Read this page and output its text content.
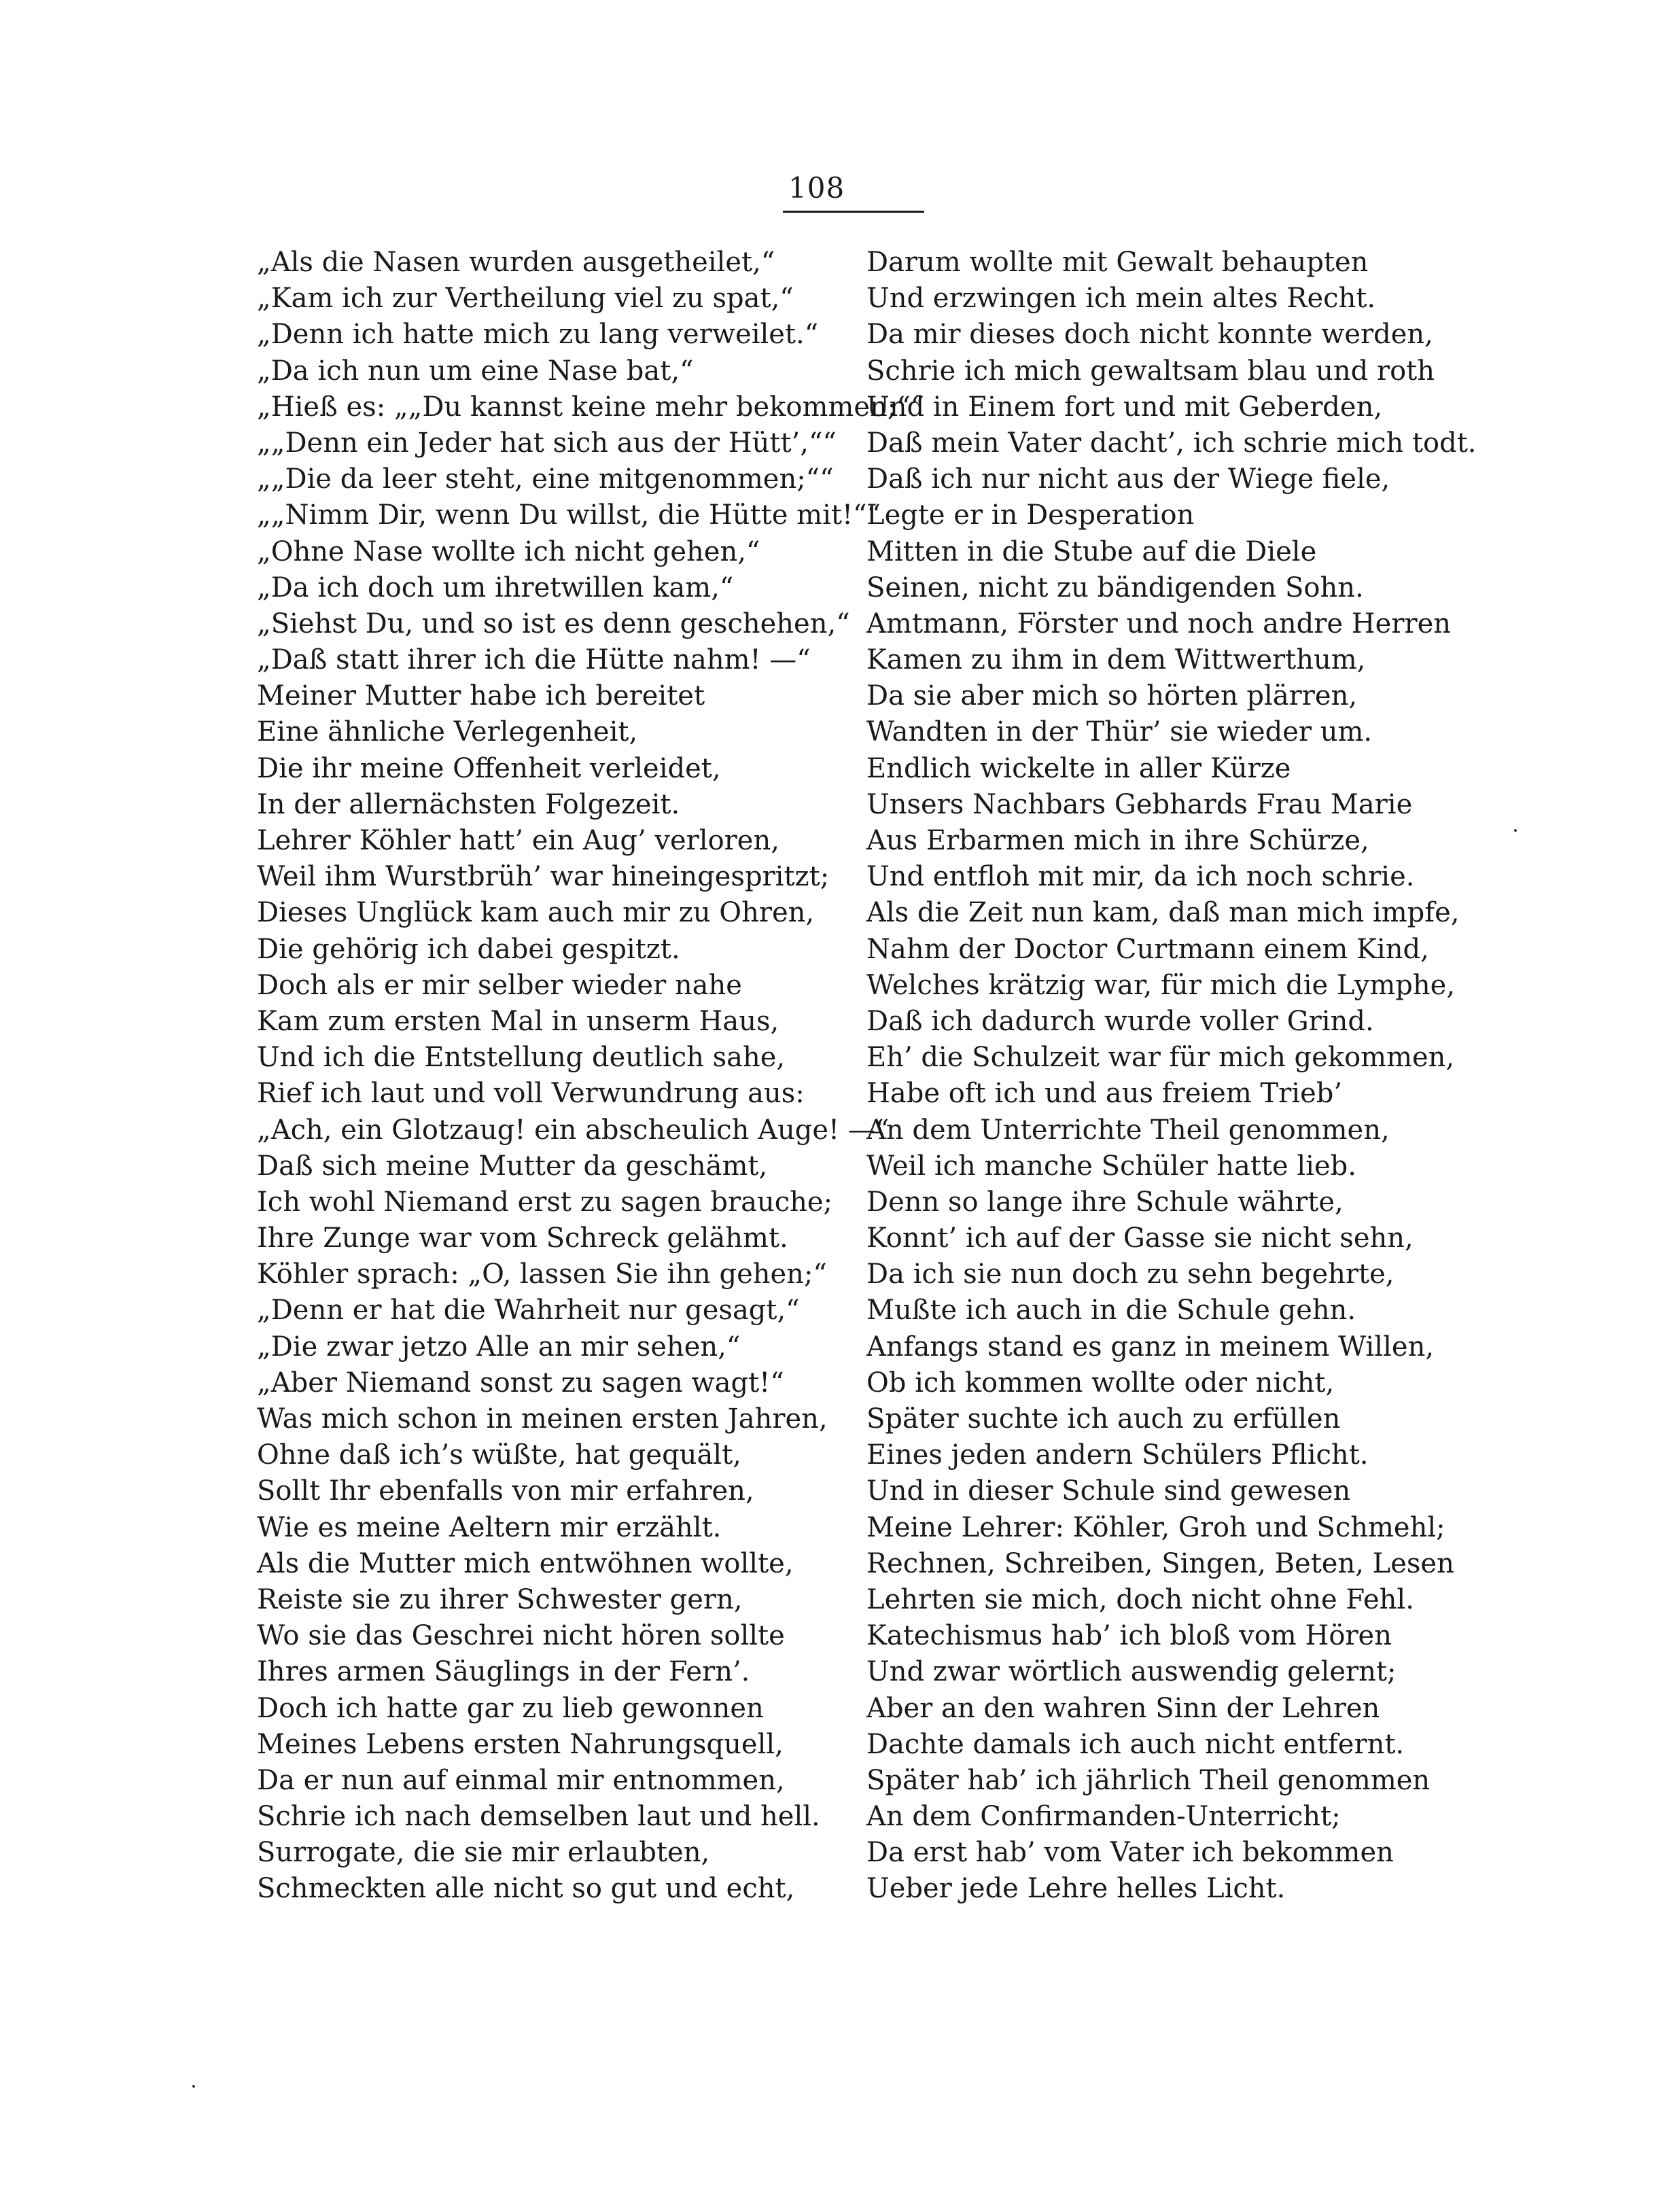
108
„Als die Nasen wurden ausgetheilet,“
„Kam ich zur Vertheilung viel zu spat,“
„Denn ich hatte mich zu lang verweilet.“
„Da ich nun um eine Nase bat,“
„Hieß es: „„Du kannst keine mehr bekommen;““
„„Denn ein Jeder hat sich aus der Hütt’,““
„„Die da leer steht, eine mitgenommen;““
„„Nimm Dir, wenn Du willst, die Hütte mit!““
„Ohne Nase wollte ich nicht gehen,“
„Da ich doch um ihretwillen kam,“
„Siehst Du, und so ist es denn geschehen,“
„Daß statt ihrer ich die Hütte nahm! —“
Meiner Mutter habe ich bereitet
Eine ähnliche Verlegenheit,
Die ihr meine Offenheit verleidet,
In der allernächsten Folgezeit.
Lehrer Köhler hatt’ ein Aug’ verloren,
Weil ihm Wurstbrüh’ war hineingespritzt;
Dieses Unglück kam auch mir zu Ohren,
Die gehörig ich dabei gespitzt.
Doch als er mir selber wieder nahe
Kam zum ersten Mal in unserm Haus,
Und ich die Entstellung deutlich sahe,
Rief ich laut und voll Verwundrung aus:
„Ach, ein Glotzaug! ein abscheulich Auge! —“
Daß sich meine Mutter da geschämt,
Ich wohl Niemand erst zu sagen brauche;
Ihre Zunge war vom Schreck gelähmt.
Köhler sprach: „O, lassen Sie ihn gehen;“
„Denn er hat die Wahrheit nur gesagt,“
„Die zwar jetzo Alle an mir sehen,“
„Aber Niemand sonst zu sagen wagt!“
Was mich schon in meinen ersten Jahren,
Ohne daß ich’s wüßte, hat gequält,
Sollt Ihr ebenfalls von mir erfahren,
Wie es meine Aeltern mir erzählt.
Als die Mutter mich entwöhnen wollte,
Reiste sie zu ihrer Schwester gern,
Wo sie das Geschrei nicht hören sollte
Ihres armen Säuglings in der Fern’.
Doch ich hatte gar zu lieb gewonnen
Meines Lebens ersten Nahrungsquell,
Da er nun auf einmal mir entnommen,
Schrie ich nach demselben laut und hell.
Surrogate, die sie mir erlaubten,
Schmeckten alle nicht so gut und echt,
Darum wollte mit Gewalt behaupten
Und erzwingen ich mein altes Recht.
Da mir dieses doch nicht konnte werden,
Schrie ich mich gewaltsam blau und roth
Und in Einem fort und mit Geberden,
Daß mein Vater dacht’, ich schrie mich todt.
Daß ich nur nicht aus der Wiege fiele,
Legte er in Desperation
Mitten in die Stube auf die Diele
Seinen, nicht zu bändigenden Sohn.
Amtmann, Förster und noch andre Herren
Kamen zu ihm in dem Wittwerthum,
Da sie aber mich so hörten plärren,
Wandten in der Thür’ sie wieder um.
Endlich wickelte in aller Kürze
Unsers Nachbars Gebhards Frau Marie
Aus Erbarmen mich in ihre Schürze,
Und entfloh mit mir, da ich noch schrie.
Als die Zeit nun kam, daß man mich impfe,
Nahm der Doctor Curtmann einem Kind,
Welches krätzig war, für mich die Lymphe,
Daß ich dadurch wurde voller Grind.
Eh’ die Schulzeit war für mich gekommen,
Habe oft ich und aus freiem Trieb’
An dem Unterrichte Theil genommen,
Weil ich manche Schüler hatte lieb.
Denn so lange ihre Schule währte,
Konnt’ ich auf der Gasse sie nicht sehn,
Da ich sie nun doch zu sehn begehrte,
Mußte ich auch in die Schule gehn.
Anfangs stand es ganz in meinem Willen,
Ob ich kommen wollte oder nicht,
Später suchte ich auch zu erfüllen
Eines jeden andern Schülers Pflicht.
Und in dieser Schule sind gewesen
Meine Lehrer: Köhler, Groh und Schmehl;
Rechnen, Schreiben, Singen, Beten, Lesen
Lehrten sie mich, doch nicht ohne Fehl.
Katechismus hab’ ich bloß vom Hören
Und zwar wörtlich auswendig gelernt;
Aber an den wahren Sinn der Lehren
Dachte damals ich auch nicht entfernt.
Später hab’ ich jährlich Theil genommen
An dem Confirmanden-Unterricht;
Da erst hab’ vom Vater ich bekommen
Ueber jede Lehre helles Licht.
